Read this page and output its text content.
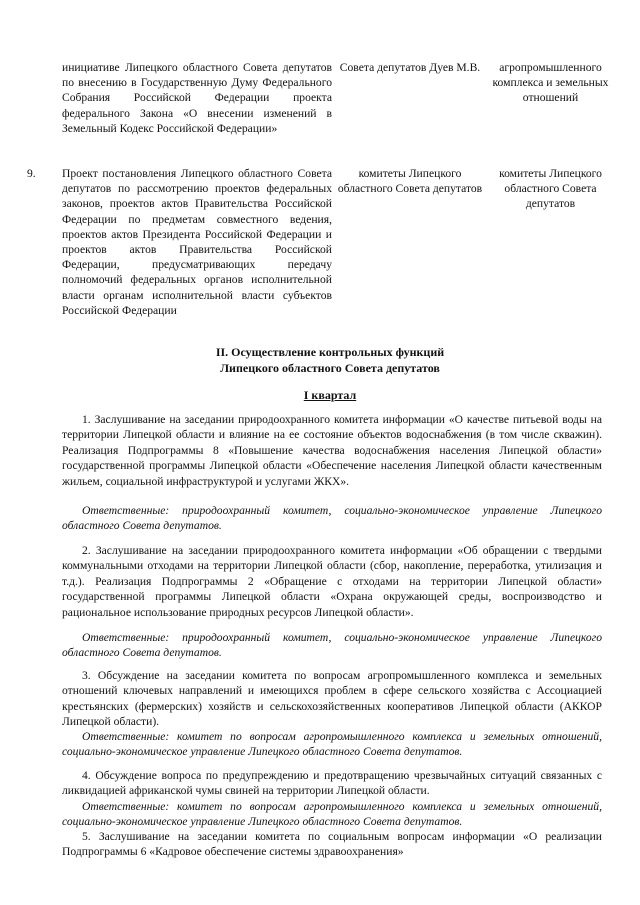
инициативе Липецкого областного Совета депутатов по внесению в Государственную Думу Федерального Собрания Российской Федерации проекта федерального Закона «О внесении изменений в Земельный Кодекс Российской Федерации»
Совета депутатов Дуев М.В.	агропромышленного комплекса и земельных отношений
9.	Проект постановления Липецкого областного Совета депутатов по рассмотрению проектов федеральных законов, проектов актов Правительства Российской Федерации по предметам совместного ведения, проектов актов Президента Российской Федерации и проектов актов Правительства Российской Федерации, предусматривающих передачу полномочий федеральных органов исполнительной власти органам исполнительной власти субъектов Российской Федерации
комитеты Липецкого областного Совета депутатов
комитеты Липецкого областного Совета депутатов
II. Осуществление контрольных функций
Липецкого областного Совета депутатов
I квартал

1. Заслушивание на заседании природоохранного комитета информации «О качестве питьевой воды на территории Липецкой области и влияние на ее состояние объектов водоснабжения (в том числе скважин). Реализация Подпрограммы 8 «Повышение качества водоснабжения населения Липецкой области» государственной программы Липецкой области «Обеспечение населения Липецкой области качественным жильем, социальной инфраструктурой и услугами ЖКХ».

Ответственные: природоохранный комитет, социально-экономическое управление Липецкого областного Совета депутатов.

2. Заслушивание на заседании природоохранного комитета информации «Об обращении с твердыми коммунальными отходами на территории Липецкой области (сбор, накопление, переработка, утилизация и т.д.). Реализация Подпрограммы 2 «Обращение с отходами на территории Липецкой области» государственной программы Липецкой области «Охрана окружающей среды, воспроизводство и рациональное использование природных ресурсов Липецкой области».

Ответственные: природоохранный комитет, социально-экономическое управление Липецкого областного Совета депутатов.

3. Обсуждение на заседании комитета по вопросам агропромышленного комплекса и земельных отношений ключевых направлений и имеющихся проблем в сфере сельского хозяйства с Ассоциацией крестьянских (фермерских) хозяйств и сельскохозяйственных кооперативов Липецкой области (АККОР Липецкой области).

Ответственные: комитет по вопросам агропромышленного комплекса и земельных отношений, социально-экономическое управление Липецкого областного Совета депутатов.

4. Обсуждение вопроса по предупреждению и предотвращению чрезвычайных ситуаций связанных с ликвидацией африканской чумы свиней на территории Липецкой области.

Ответственные: комитет по вопросам агропромышленного комплекса и земельных отношений, социально-экономическое управление Липецкого областного Совета депутатов.

5. Заслушивание на заседании комитета по социальным вопросам информации «О реализации Подпрограммы 6 «Кадровое обеспечение системы здравоохранения»
